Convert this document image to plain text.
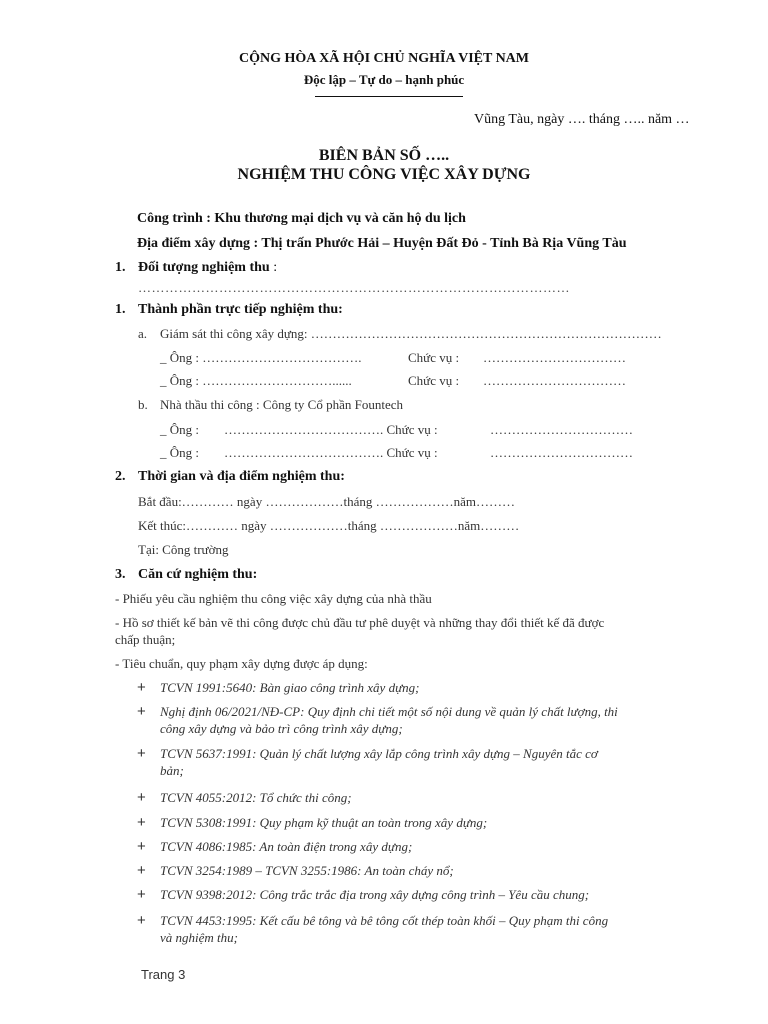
CỘNG HÒA XÃ HỘI CHỦ NGHĨA VIỆT NAM
Độc lập – Tự do – hạnh phúc
Vũng Tàu, ngày …. tháng ….. năm …
BIÊN BẢN SỐ …..
NGHIỆM THU CÔNG VIỆC XÂY DỰNG
Công trình : Khu thương mại dịch vụ và căn hộ du lịch
Địa điểm xây dựng : Thị trấn Phước Hải – Huyện Đất Đỏ - Tỉnh Bà Rịa Vũng Tàu
1. Đối tượng nghiệm thu :
……………………………………………………………………………………
1. Thành phần trực tiếp nghiệm thu:
a. Giám sát thi công xây dựng: ………………………………………………………………………
_ Ông : ……………………………….	Chức vụ : ……………………………
_ Ông : …………………………......	Chức vụ : ……………………………
b. Nhà thầu thi công : Công ty Cổ phần Fountech
_ Ông : ………………………………. Chức vụ :	……………………………
_ Ông : ………………………………. Chức vụ :	……………………………
2. Thời gian và địa điểm nghiệm thu:
Bắt đầu:………… ngày ………………tháng ………………năm………
Kết thúc:………… ngày ………………tháng ………………năm………
Tại: Công trường
3. Căn cứ nghiệm thu:
- Phiếu yêu cầu nghiệm thu công việc xây dựng của nhà thầu
- Hồ sơ thiết kế bản vẽ thi công được chủ đầu tư phê duyệt và những thay đổi thiết kế đã được
chấp thuận;
- Tiêu chuẩn, quy phạm xây dựng được áp dụng:
+ TCVN 1991:5640: Bàn giao công trình xây dựng;
+ Nghị định 06/2021/NĐ-CP: Quy định chi tiết một số nội dung về quản lý chất lượng, thi
công xây dựng và bảo trì công trình xây dựng;
+ TCVN 5637:1991: Quản lý chất lượng xây lắp công trình xây dựng – Nguyên tắc cơ
bản;
+ TCVN 4055:2012: Tổ chức thi công;
+ TCVN 5308:1991: Quy phạm kỹ thuật an toàn trong xây dựng;
+ TCVN 4086:1985: An toàn điện trong xây dựng;
+ TCVN 3254:1989 – TCVN 3255:1986: An toàn cháy nổ;
+ TCVN 9398:2012: Công trắc trắc địa trong xây dựng công trình – Yêu cầu chung;
+ TCVN 4453:1995: Kết cấu bê tông và bê tông cốt thép toàn khối – Quy phạm thi công
và nghiệm thu;
Trang 3
